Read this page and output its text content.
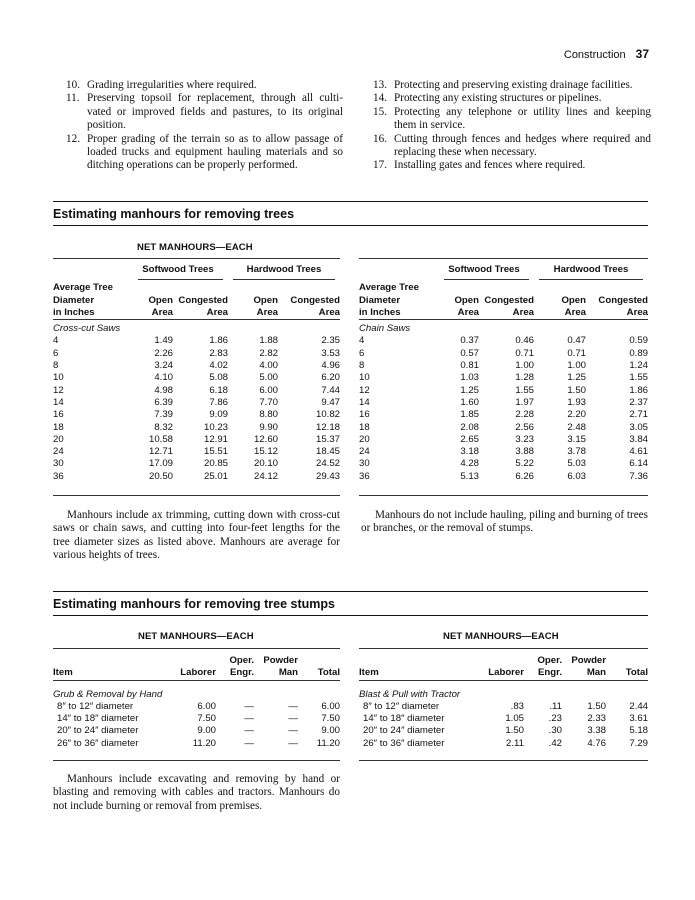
Construction 37
10. Grading irregularities where required.
11. Preserving topsoil for replacement, through all culti-vated or improved fields and pastures, to its original position.
12. Proper grading of the terrain so as to allow passage of loaded trucks and equipment hauling materials and so ditching operations can be properly performed.
13. Protecting and preserving existing drainage facilities.
14. Protecting any existing structures or pipelines.
15. Protecting any telephone or utility lines and keeping them in service.
16. Cutting through fences and hedges where required and replacing these when necessary.
17. Installing gates and fences where required.
Estimating manhours for removing trees
NET MANHOURS—EACH
	Softwood Trees		Hardwood Trees	

Average Tree				
Diameter	Open	Congested	Open	Congested
in Inches	Area	Area	Area	Area
Cross-cut Saws				
4	1.49	1.86	1.88	2.35
6	2.26	2.83	2.82	3.53
8	3.24	4.02	4.00	4.96
10	4.10	5.08	5.00	6.20
12	4.98	6.18	6.00	7.44
14	6.39	7.86	7.70	9.47
16	7.39	9.09	8.80	10.82
18	8.32	10.23	9.90	12.18
20	10.58	12.91	12.60	15.37
24	12.71	15.51	15.12	18.45
30	17.09	20.85	20.10	24.52
36	20.50	25.01	24.12	29.43
	Softwood Trees		Hardwood Trees	

Average Tree				
Diameter	Open	Congested	Open	Congested
in Inches	Area	Area	Area	Area
Chain Saws				
4	0.37	0.46	0.47	0.59
6	0.57	0.71	0.71	0.89
8	0.81	1.00	1.00	1.24
10	1.03	1.28	1.25	1.55
12	1.25	1.55	1.50	1.86
14	1.60	1.97	1.93	2.37
16	1.85	2.28	2.20	2.71
18	2.08	2.56	2.48	3.05
20	2.65	3.23	3.15	3.84
24	3.18	3.88	3.78	4.61
30	4.28	5.22	5.03	6.14
36	5.13	6.26	6.03	7.36
Manhours include ax trimming, cutting down with cross-cut saws or chain saws, and cutting into four-feet lengths for the tree diameter sizes as listed above. Manhours are average for various heights of trees.
Manhours do not include hauling, piling and burning of trees or branches, or the removal of stumps.
Estimating manhours for removing tree stumps
NET MANHOURS—EACH	NET MANHOURS—EACH
		Oper.	Powder	
Item	Laborer	Engr.	Man	Total
Grub & Removal by Hand				
8″ to 12″ diameter	6.00	—	—	6.00
14″ to 18″ diameter	7.50	—	—	7.50
20″ to 24″ diameter	9.00	—	—	9.00
26″ to 36″ diameter	11.20	—	—	11.20
		Oper.	Powder	
Item	Laborer	Engr.	Man	Total
Blast & Pull with Tractor				
8″ to 12″ diameter	.83	.11	1.50	2.44
14″ to 18″ diameter	1.05	.23	2.33	3.61
20″ to 24″ diameter	1.50	.30	3.38	5.18
26″ to 36″ diameter	2.11	.42	4.76	7.29
Manhours include excavating and removing by hand or blasting and removing with cables and tractors. Manhours do not include burning or removal from premises.
